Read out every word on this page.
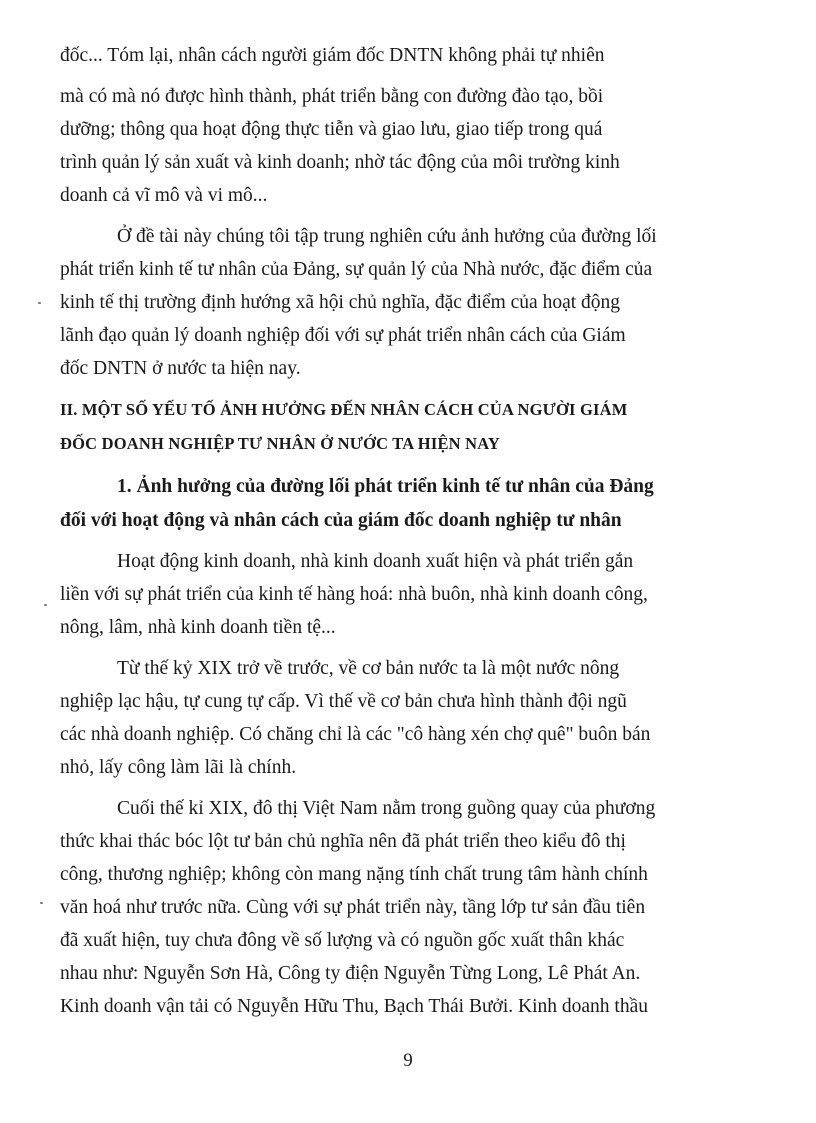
đốc... Tóm lại, nhân cách người giám đốc DNTN không phải tự nhiên
mà có mà nó được hình thành, phát triển bằng con đường đào tạo, bồi
dưỡng; thông qua hoạt động thực tiễn và giao lưu, giao tiếp trong quá
trình quản lý sản xuất và kinh doanh; nhờ tác động của môi trường kinh
doanh cả vĩ mô và vi mô...
Ở đề tài này chúng tôi tập trung nghiên cứu ảnh hưởng của đường lối
phát triển kinh tế tư nhân của Đảng, sự quản lý của Nhà nước, đặc điểm của
kinh tế thị trường định hướng xã hội chủ nghĩa, đặc điểm của hoạt động
lãnh đạo quản lý doanh nghiệp đối với sự phát triển nhân cách của Giám
đốc DNTN ở nước ta hiện nay.
II. MỘT SỐ YẾU TỐ ẢNH HƯỞNG ĐẾN NHÂN CÁCH CỦA NGƯỜI GIÁM
ĐỐC DOANH NGHIỆP TƯ NHÂN Ở NƯỚC TA HIỆN NAY
1. Ảnh hưởng của đường lối phát triển kinh tế tư nhân của Đảng
đối với hoạt động và nhân cách của giám đốc doanh nghiệp tư nhân
Hoạt động kinh doanh, nhà kinh doanh xuất hiện và phát triển gắn
liền với sự phát triển của kinh tế hàng hoá: nhà buôn, nhà kinh doanh công,
nông, lâm, nhà kinh doanh tiền tệ...
Từ thế kỷ XIX trở về trước, về cơ bản nước ta là một nước nông
nghiệp lạc hậu, tự cung tự cấp. Vì thế về cơ bản chưa hình thành đội ngũ
các nhà doanh nghiệp. Có chăng chỉ là các "cô hàng xén chợ quê" buôn bán
nhỏ, lấy công làm lãi là chính.
Cuối thế kỉ XIX, đô thị Việt Nam nằm trong guồng quay của phương
thức khai thác bóc lột tư bản chủ nghĩa nên đã phát triển theo kiểu đô thị
công, thương nghiệp; không còn mang nặng tính chất trung tâm hành chính
văn hoá như trước nữa. Cùng với sự phát triển này, tầng lớp tư sản đầu tiên
đã xuất hiện, tuy chưa đông về số lượng và có nguồn gốc xuất thân khác
nhau như: Nguyễn Sơn Hà, Công ty điện Nguyễn Từng Long, Lê Phát An.
Kinh doanh vận tải có Nguyễn Hữu Thu, Bạch Thái Bưởi. Kinh doanh thầu
9
